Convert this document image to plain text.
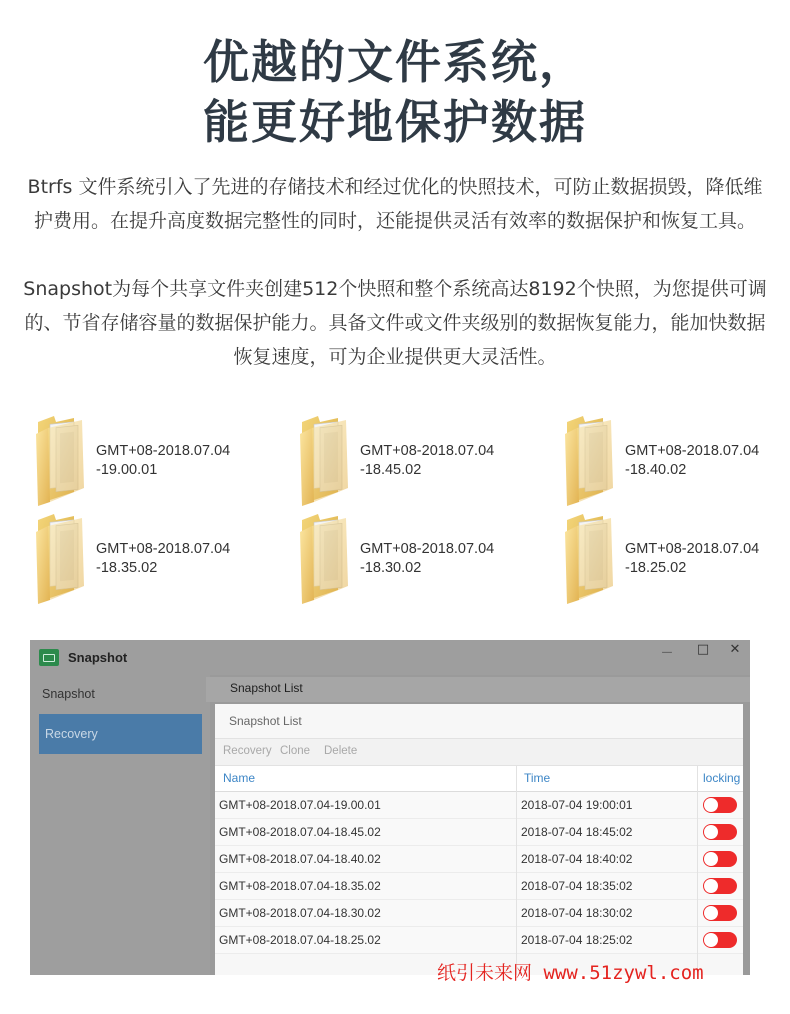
优越的文件系统，
能更好地保护数据

Btrfs 文件系统引入了先进的存储技术和经过优化的快照技术，可防止数据损毁，降低维护费用。在提升高度数据完整性的同时，还能提供灵活有效率的数据保护和恢复工具。

Snapshot为每个共享文件夹创建512个快照和整个系统高达8192个快照，为您提供可调的、节省存储容量的数据保护能力。具备文件或文件夹级别的数据恢复能力，能加快数据恢复速度，可为企业提供更大灵活性。

GMT+08-2018.07.04
-19.00.01
GMT+08-2018.07.04
-18.45.02
GMT+08-2018.07.04
-18.40.02
GMT+08-2018.07.04
-18.35.02
GMT+08-2018.07.04
-18.30.02
GMT+08-2018.07.04
-18.25.02
Snapshot	－ □	✕
Snapshot
Recovery
Snapshot List
Snapshot List
Recovery Clone Delete
Name	Time	locking
GMT+08-2018.07.04-19.00.01	2018-07-04 19:00:01
GMT+08-2018.07.04-18.45.02	2018-07-04 18:45:02
GMT+08-2018.07.04-18.40.02	2018-07-04 18:40:02
GMT+08-2018.07.04-18.35.02	2018-07-04 18:35:02
GMT+08-2018.07.04-18.30.02	2018-07-04 18:30:02
GMT+08-2018.07.04-18.25.02	2018-07-04 18:25:02
纸引未来网 www.51zywl.com
